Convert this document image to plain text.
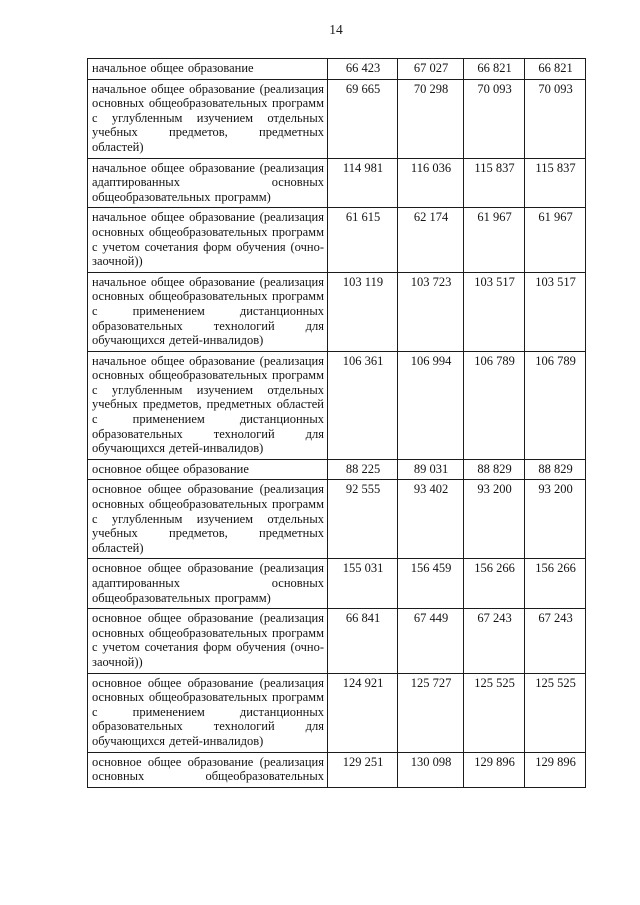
14
начальное общее образование	66 423	67 027	66 821	66 821

начальное общее образование (реализация основных общеобразовательных программ с углубленным изучением отдельных учебных предметов, предметных областей)	69 665	70 298	70 093	70 093

начальное общее образование (реализация адаптированных основных общеобразовательных программ)	114 981	116 036	115 837	115 837

начальное общее образование (реализация основных общеобразовательных программ с учетом сочетания форм обучения (очно-заочной))	61 615	62 174	61 967	61 967

начальное общее образование (реализация основных общеобразовательных программ с применением дистанционных образовательных технологий для обучающихся детей-инвалидов)	103 119	103 723	103 517	103 517

начальное общее образование (реализация основных общеобразовательных программ с углубленным изучением отдельных учебных предметов, предметных областей с применением дистанционных образовательных технологий для обучающихся детей-инвалидов)	106 361	106 994	106 789	106 789

основное общее образование	88 225	89 031	88 829	88 829

основное общее образование (реализация основных общеобразовательных программ с углубленным изучением отдельных учебных предметов, предметных областей)	92 555	93 402	93 200	93 200

основное общее образование (реализация адаптированных основных общеобразовательных программ)	155 031	156 459	156 266	156 266

основное общее образование (реализация основных общеобразовательных программ с учетом сочетания форм обучения (очно-заочной))	66 841	67 449	67 243	67 243

основное общее образование (реализация основных общеобразовательных программ с применением дистанционных образовательных технологий для обучающихся детей-инвалидов)	124 921	125 727	125 525	125 525

основное общее образование (реализация основных общеобразовательных	129 251	130 098	129 896	129 896
